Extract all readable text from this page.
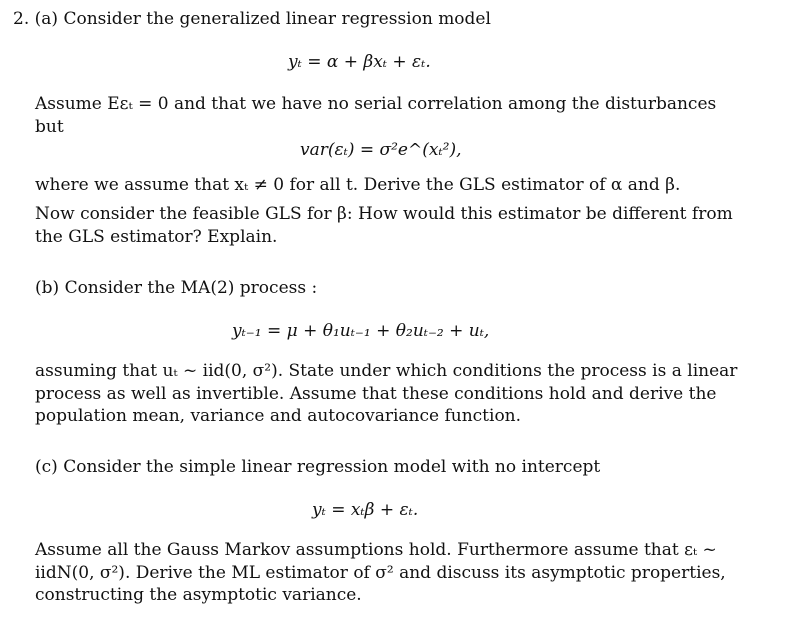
2. (a) Consider the generalized linear regression model
yₜ = α + βxₜ + εₜ.
Assume Eεₜ = 0 and that we have no serial correlation among the disturbances
but
var(εₜ) = σ²e^(xₜ²),
where we assume that xₜ ≠ 0 for all t. Derive the GLS estimator of α and β.
Now consider the feasible GLS for β: How would this estimator be different from
the GLS estimator? Explain.
(b) Consider the MA(2) process :
yₜ₋₁ = μ + θ₁uₜ₋₁ + θ₂uₜ₋₂ + uₜ,
assuming that uₜ ~ iid(0, σ²). State under which conditions the process is a linear
process as well as invertible. Assume that these conditions hold and derive the
population mean, variance and autocovariance function.
(c) Consider the simple linear regression model with no intercept
yₜ = xₜβ + εₜ.
Assume all the Gauss Markov assumptions hold. Furthermore assume that εₜ ~
iidN(0, σ²). Derive the ML estimator of σ² and discuss its asymptotic properties,
constructing the asymptotic variance.
